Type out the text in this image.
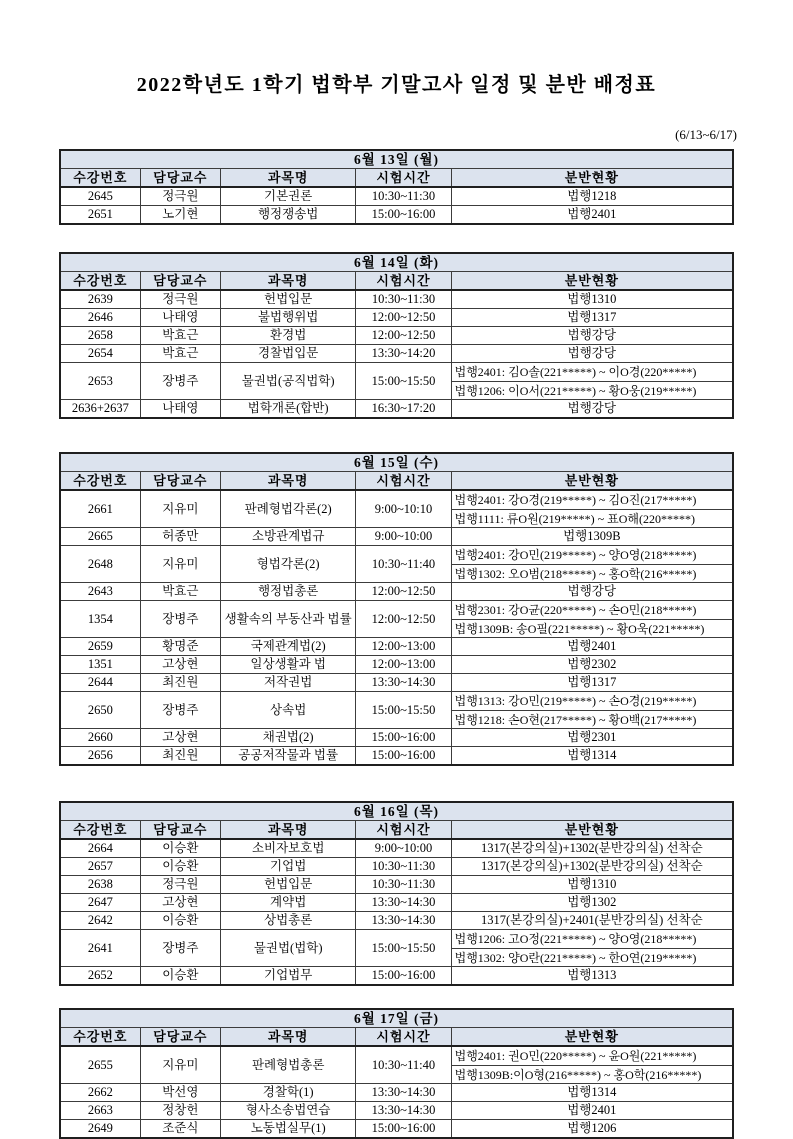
2022학년도 1학기 법학부 기말고사 일정 및 분반 배정표
(6/13~6/17)
6월 13일 (월)				
수강번호	담당교수	과목명	시험시간	분반현황
2645	정극원	기본권론	10:30~11:30	법행1218
2651	노기현	행정쟁송법	15:00~16:00	법행2401
6월 14일 (화)				
수강번호	담당교수	과목명	시험시간	분반현황
2639	정극원	헌법입문	10:30~11:30	법행1310
2646	나태영	불법행위법	12:00~12:50	법행1317
2658	박효근	환경법	12:00~12:50	법행강당
2654	박효근	경찰법입문	13:30~14:20	법행강당
2653	장병주	물권법(공직법학)	15:00~15:50	법행2401: 김O솔(221*****) ~ 이O경(220*****)
법행1206: 이O서(221*****) ~ 황O웅(219*****)

2636+2637	나태영	법학개론(합반)	16:30~17:20	법행강당
6월 15일 (수)				
수강번호	담당교수	과목명	시험시간	분반현황
2661	지유미	판례형법각론(2)	9:00~10:10	법행2401: 강O경(219*****) ~ 김O진(217*****)
법행1111: 류O원(219*****) ~ 표O해(220*****)

2665	허종만	소방관계법규	9:00~10:00	법행1309B
2648	지유미	형법각론(2)	10:30~11:40	법행2401: 강O민(219*****) ~ 양O영(218*****)
법행1302: 오O범(218*****) ~ 홍O학(216*****)

2643	박효근	행정법총론	12:00~12:50	법행강당
1354	장병주	생활속의 부동산과 법률	12:00~12:50	법행2301: 강O균(220*****) ~ 손O민(218*****)
법행1309B: 송O필(221*****) ~ 황O욱(221*****)

2659	황명준	국제관계법(2)	12:00~13:00	법행2401
1351	고상현	일상생활과 법	12:00~13:00	법행2302
2644	최진원	저작권법	13:30~14:30	법행1317
2650	장병주	상속법	15:00~15:50	법행1313: 강O민(219*****) ~ 손O경(219*****)
법행1218: 손O현(217*****) ~ 황O백(217*****)

2660	고상현	채권법(2)	15:00~16:00	법행2301
2656	최진원	공공저작물과 법률	15:00~16:00	법행1314
6월 16일 (목)				
수강번호	담당교수	과목명	시험시간	분반현황
2664	이승환	소비자보호법	9:00~10:00	1317(본강의실)+1302(분반강의실) 선착순
2657	이승환	기업법	10:30~11:30	1317(본강의실)+1302(분반강의실) 선착순
2638	정극원	헌법입문	10:30~11:30	법행1310
2647	고상현	계약법	13:30~14:30	법행1302
2642	이승환	상법총론	13:30~14:30	1317(본강의실)+2401(분반강의실) 선착순
2641	장병주	물권법(법학)	15:00~15:50	법행1206: 고O정(221*****) ~ 양O영(218*****)
법행1302: 양O란(221*****) ~ 한O연(219*****)

2652	이승환	기업법무	15:00~16:00	법행1313
6월 17일 (금)				
수강번호	담당교수	과목명	시험시간	분반현황
2655	지유미	판례형법총론	10:30~11:40	법행2401: 권O민(220*****) ~ 윤O원(221*****)
법행1309B:이O형(216*****) ~ 홍O학(216*****)

2662	박선영	경찰학(1)	13:30~14:30	법행1314
2663	정창헌	형사소송법연습	13:30~14:30	법행2401
2649	조준식	노동법실무(1)	15:00~16:00	법행1206
